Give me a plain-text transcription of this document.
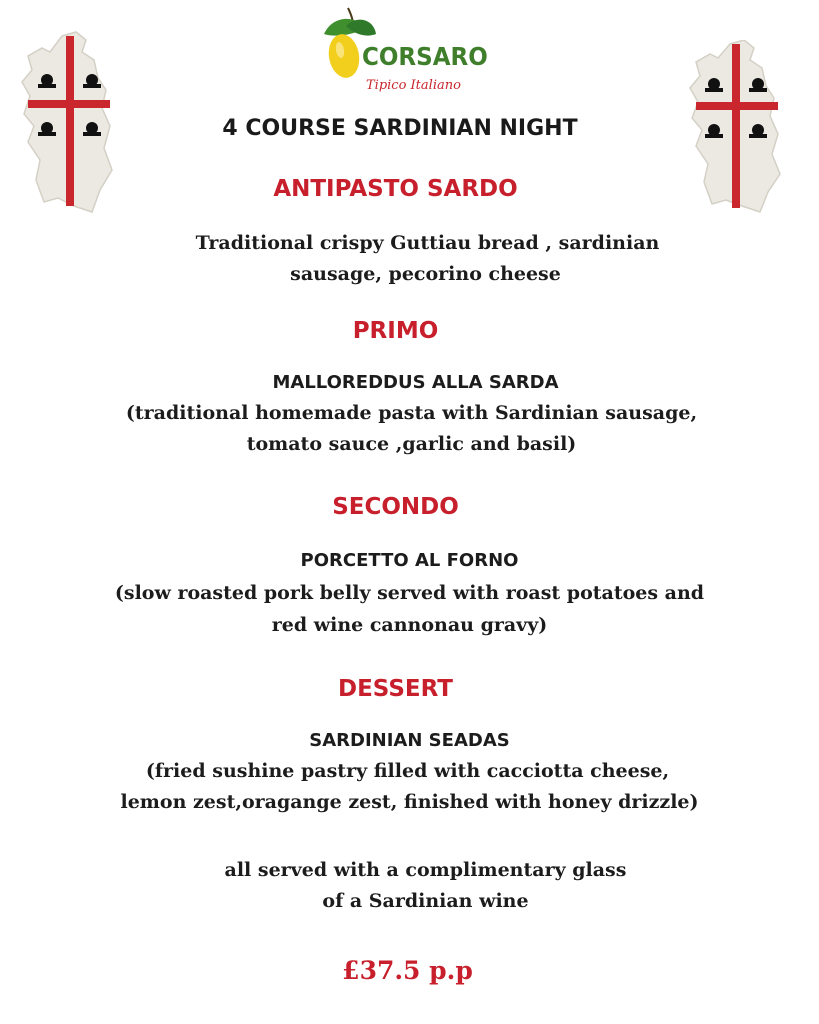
CORSARO
Tipico Italiano
4 COURSE SARDINIAN NIGHT
ANTIPASTO SARDO
Traditional crispy Guttiau bread , sardinian
sausage, pecorino cheese
PRIMO
MALLOREDDUS ALLA SARDA
(traditional homemade pasta with Sardinian sausage,
tomato sauce ,garlic and basil)
SECONDO
PORCETTO AL FORNO
(slow roasted pork belly served with roast potatoes and
red wine cannonau gravy)
DESSERT
SARDINIAN SEADAS
(fried sushine pastry filled with cacciotta cheese,
lemon zest,oragange zest, finished with honey drizzle)
all served with a complimentary glass
of a Sardinian wine
£37.5 p.p
